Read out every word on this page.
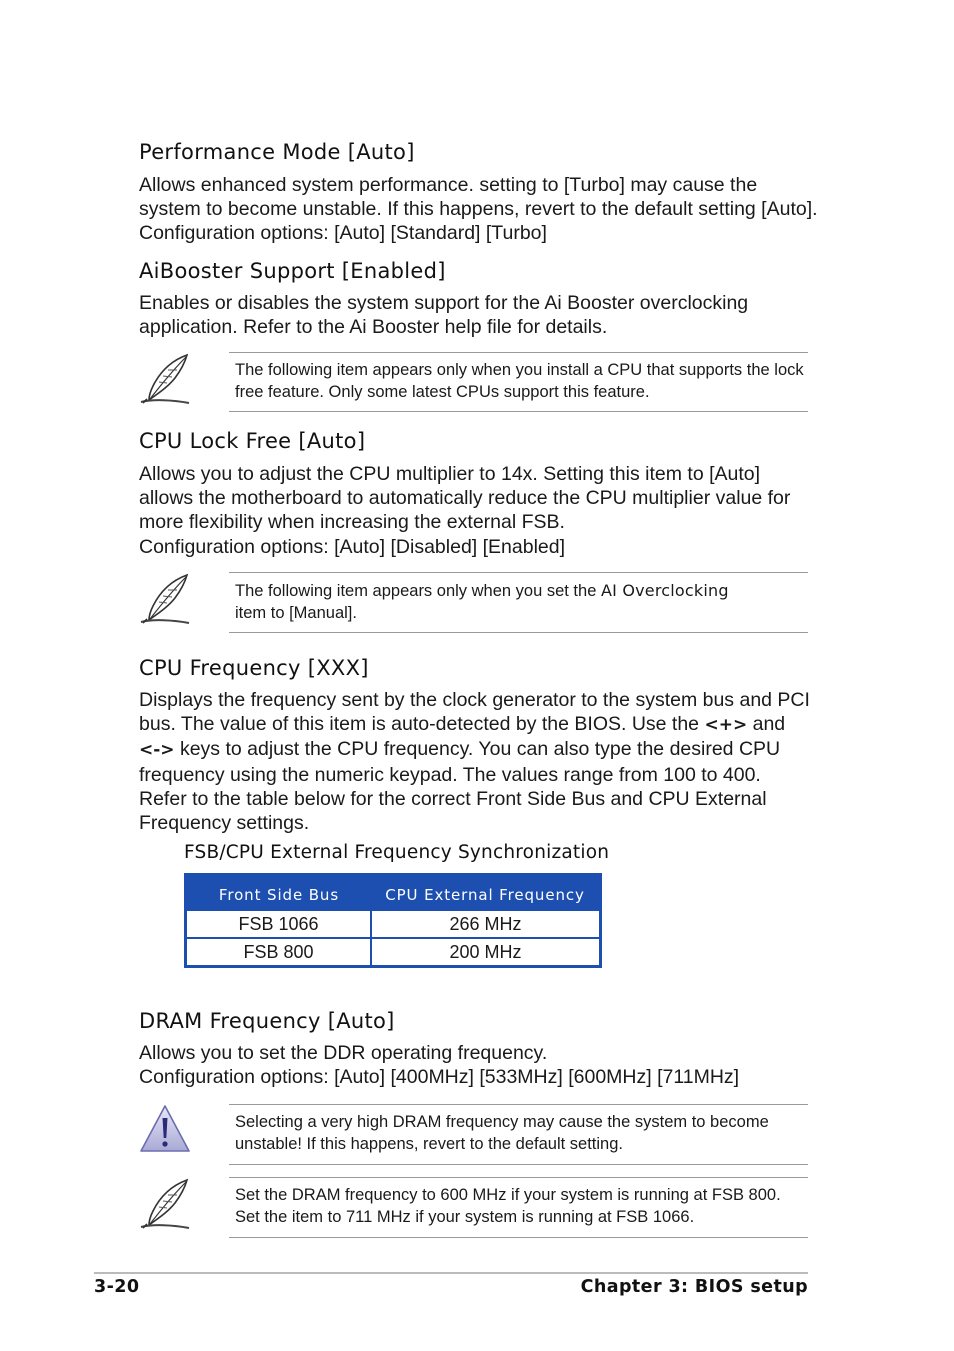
Performance Mode [Auto]

Allows enhanced system performance. setting to [Turbo] may cause the system to become unstable. If this happens, revert to the default setting [Auto]. Configuration options: [Auto] [Standard] [Turbo]

AiBooster Support [Enabled]

Enables or disables the system support for the Ai Booster overclocking application. Refer to the Ai Booster help file for details.

The following item appears only when you install a CPU that supports the lock free feature. Only some latest CPUs support this feature.

CPU Lock Free [Auto]

Allows you to adjust the CPU multiplier to 14x. Setting this item to [Auto] allows the motherboard to automatically reduce the CPU multiplier value for more flexibility when increasing the external FSB.
Configuration options: [Auto] [Disabled] [Enabled]

The following item appears only when you set the AI Overclocking
item to [Manual].

CPU Frequency [XXX]

Displays the frequency sent by the clock generator to the system bus and PCI bus. The value of this item is auto-detected by the BIOS. Use the <+> and <-> keys to adjust the CPU frequency. You can also type the desired CPU frequency using the numeric keypad. The values range from 100 to 400. Refer to the table below for the correct Front Side Bus and CPU External Frequency settings.

FSB/CPU External Frequency Synchronization
Front Side Bus	CPU External Frequency
FSB 1066	266 MHz
FSB 800	200 MHz
DRAM Frequency [Auto]

Allows you to set the DDR operating frequency.
Configuration options: [Auto] [400MHz] [533MHz] [600MHz] [711MHz]

Selecting a very high DRAM frequency may cause the system to become unstable! If this happens, revert to the default setting.

Set the DRAM frequency to 600 MHz if your system is running at FSB 800. Set the item to 711 MHz if your system is running at FSB 1066.

3-20	Chapter 3: BIOS setup
